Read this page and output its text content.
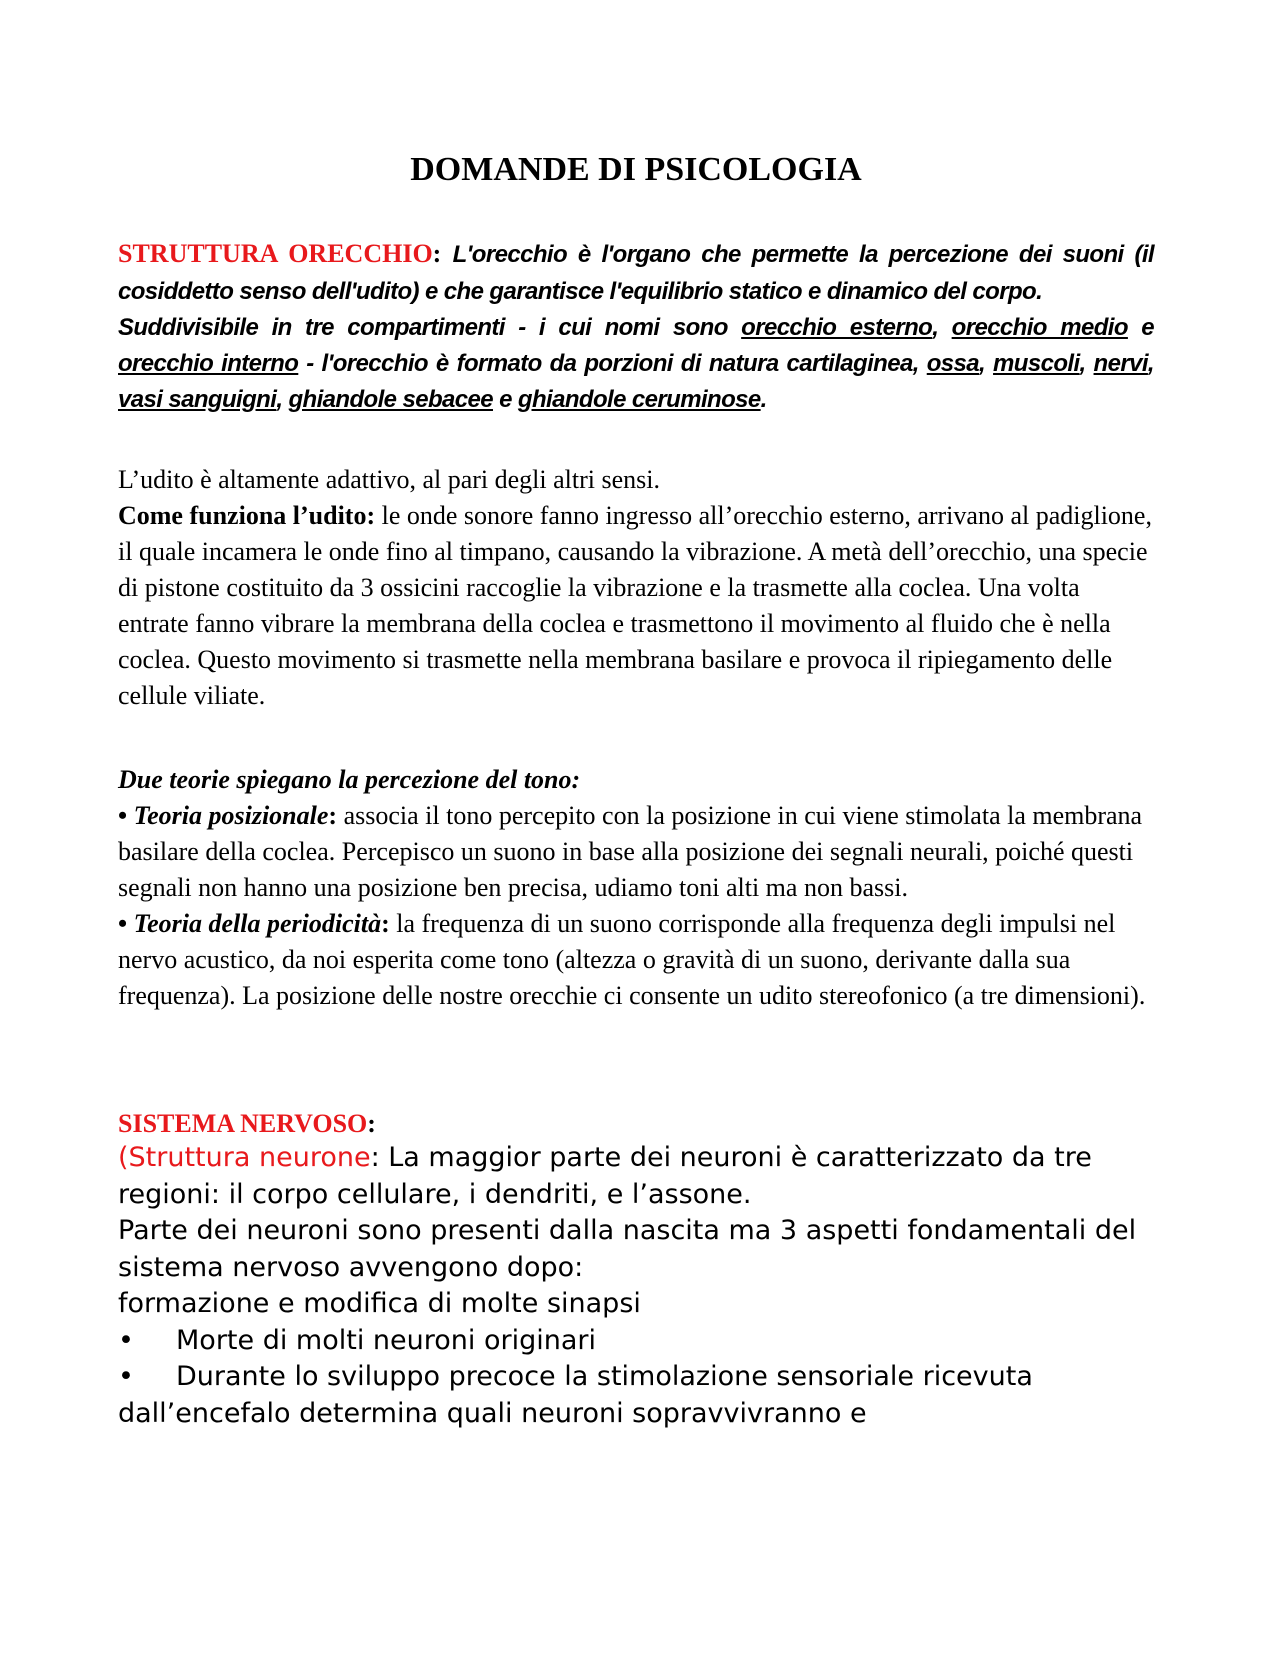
DOMANDE DI PSICOLOGIA
STRUTTURA ORECCHIO: L'orecchio è l'organo che permette la percezione dei suoni (il cosiddetto senso dell'udito) e che garantisce l'equilibrio statico e dinamico del corpo.
Suddivisibile in tre compartimenti - i cui nomi sono orecchio esterno, orecchio medio e orecchio interno - l'orecchio è formato da porzioni di natura cartilaginea, ossa, muscoli, nervi, vasi sanguigni, ghiandole sebacee e ghiandole ceruminose.

L’udito è altamente adattivo, al pari degli altri sensi.

Come funziona l’udito: le onde sonore fanno ingresso all’orecchio esterno, arrivano al padiglione, il quale incamera le onde fino al timpano, causando la vibrazione. A metà dell’orecchio, una specie di pistone costituito da 3 ossicini raccoglie la vibrazione e la trasmette alla coclea. Una volta entrate fanno vibrare la membrana della coclea e trasmettono il movimento al fluido che è nella coclea. Questo movimento si trasmette nella membrana basilare e provoca il ripiegamento delle cellule viliate.

Due teorie spiegano la percezione del tono:

• Teoria posizionale: associa il tono percepito con la posizione in cui viene stimolata la membrana basilare della coclea. Percepisco un suono in base alla posizione dei segnali neurali, poiché questi

segnali non hanno una posizione ben precisa, udiamo toni alti ma non bassi.

• Teoria della periodicità: la frequenza di un suono corrisponde alla frequenza degli impulsi nel nervo acustico, da noi esperita come tono (altezza o gravità di un suono, derivante dalla sua frequenza). La posizione delle nostre orecchie ci consente un udito stereofonico (a tre dimensioni).

SISTEMA NERVOSO:

(Struttura neurone: La maggior parte dei neuroni è caratterizzato da tre regioni: il corpo cellulare, i dendriti, e l’assone.

Parte dei neuroni sono presenti dalla nascita ma 3 aspetti fondamentali del sistema nervoso avvengono dopo:

formazione e modifica di molte sinapsi

• Morte di molti neuroni originari

• Durante lo sviluppo precoce la stimolazione sensoriale ricevuta dall’encefalo determina quali neuroni sopravvivranno e
